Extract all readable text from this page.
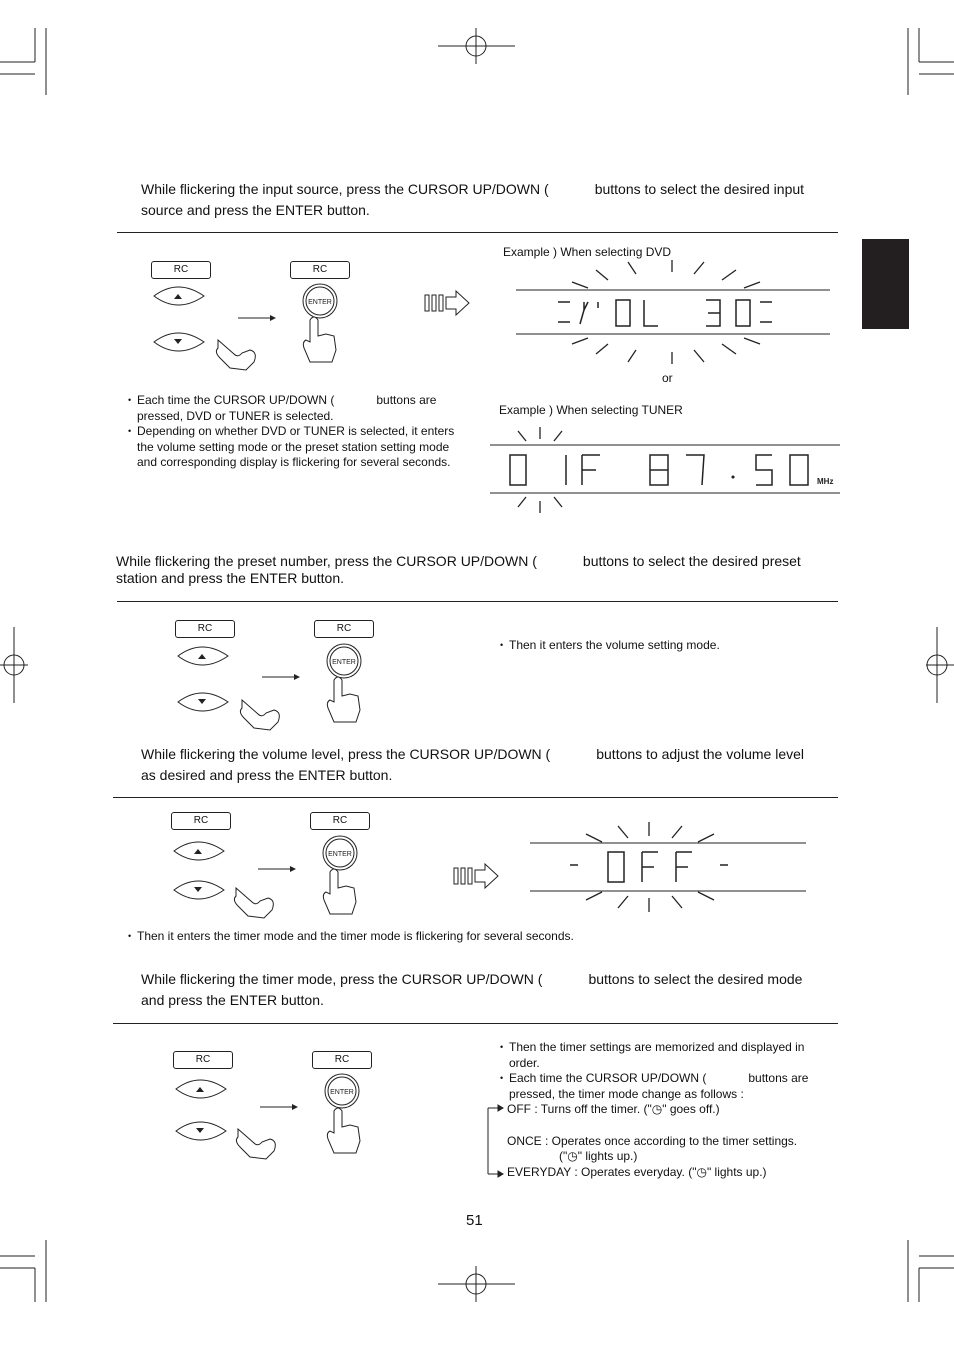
While flickering the input source, press the CURSOR UP/DOWN (	buttons to select the desired input
source and press the ENTER button.
RC	RC
ENTER
Example ) When selecting DVD
or
Example ) When selecting TUNER
MHz
• Each time the CURSOR UP/DOWN (	buttons are
pressed, DVD or TUNER is selected.
• Depending on whether DVD or TUNER is selected, it enters the volume setting mode or the preset station setting mode and corresponding display is flickering for several seconds.
While flickering the preset number, press the CURSOR UP/DOWN (	buttons to select the desired preset
station and press the ENTER button.
RC	RC
ENTER
• Then it enters the volume setting mode.
While flickering the volume level, press the CURSOR UP/DOWN (	buttons to adjust the volume level
as desired and press the ENTER button.
RC	RC
ENTER
• Then it enters the timer mode and the timer mode is flickering for several seconds.
While flickering the timer mode, press the CURSOR UP/DOWN (	buttons to select the desired mode
and press the ENTER button.
RC	RC
ENTER
• Then the timer settings are memorized and displayed in order.
• Each time the CURSOR UP/DOWN (	buttons are
pressed, the timer mode change as follows :
OFF : Turns off the timer. ("◷" goes off.)
ONCE : Operates once according to the timer settings.
("◷" lights up.)
EVERYDAY : Operates everyday. ("◷" lights up.)
51
